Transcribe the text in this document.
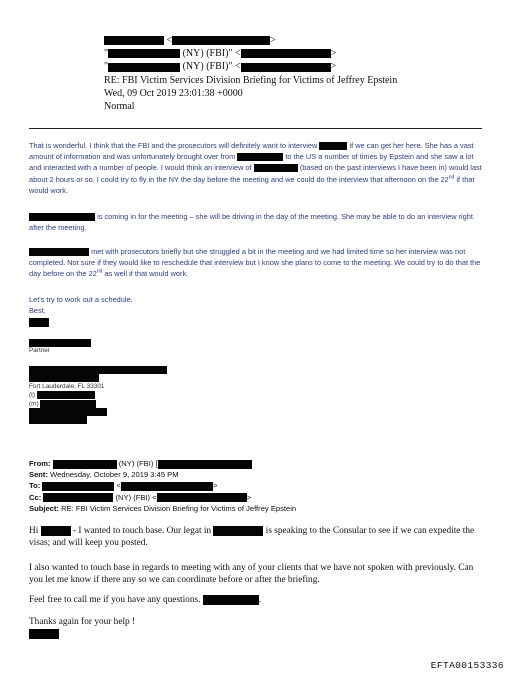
<	>
"	(NY) (FBI)" <	>
"	(NY) (FBI)" <	>
RE: FBI Victim Services Division Briefing for Victims of Jeffrey Epstein
Wed, 09 Oct 2019 23:01:38 +0000
Normal

That is wonderful. I think that the FBI and the prosecutors will definitely want to interview	if we can get her here. She has a vast amount of information and was unfortunately brought over from	to the US a number of times by Epstein and she saw a lot and interacted with a number of people. I would think an interview of	(based on the past interviews I have been in) would last about 2 hours or so. I could try to fly in the NY the day before the meeting and we could do the interview that afternoon on the 22nd if that would work.

is coming in for the meeting – she will be driving in the day of the meeting. She may be able to do an interview right after the meeting.

met with prosecutors briefly but she struggled a bit in the meeting and we had limited time so her interview was not completed. Not sure if they would like to reschedule that interview but I know she plans to come to the meeting. We could try to do that the day before on the 22nd as well if that would work.

Let's try to work out a schedule.

Best,

Partner
Fort Lauderdale, FL 33301
(t)
(m)
From:	(NY) (FBI) [
Sent: Wednesday, October 9, 2019 3:45 PM
To:	<	>
Cc:	(NY) (FBI) <	>
Subject: RE: FBI Victim Services Division Briefing for Victims of Jeffrey Epstein

Hi	- I wanted to touch base. Our legat in	is speaking to the Consular to see if we can expedite the visas; and will keep you posted.

I also wanted to touch base in regards to meeting with any of your clients that we have not spoken with previously. Can you let me know if there any so we can coordinate before or after the briefing.

Feel free to call me if you have any questions.	.

Thanks again for your help !

EFTA00153336
